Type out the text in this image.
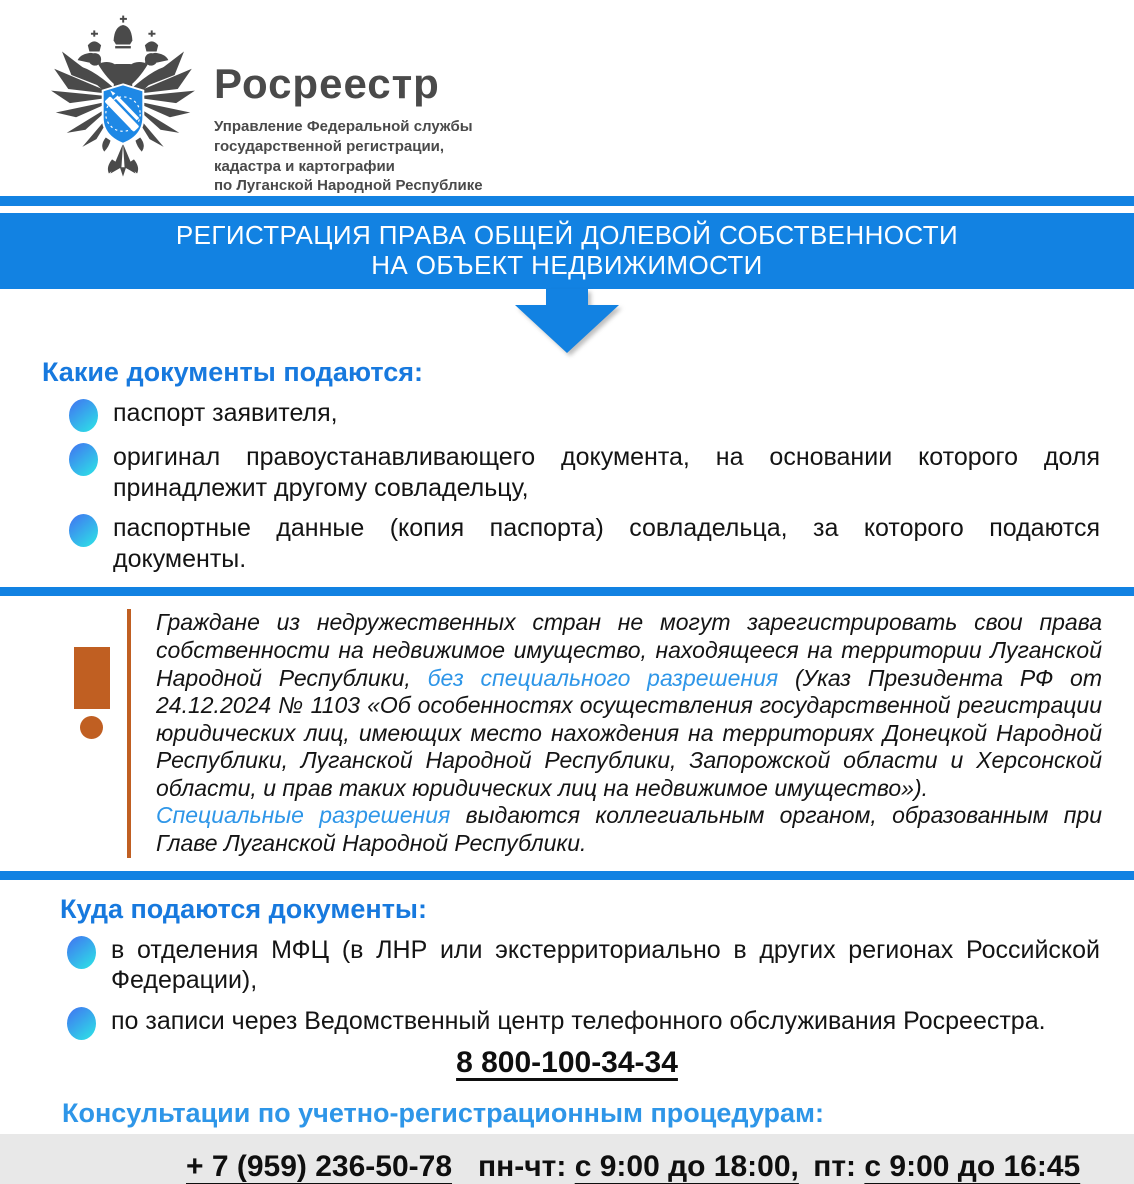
Росреестр
Управление Федеральной службы
государственной регистрации,
кадастра и картографии
по Луганской Народной Республике
РЕГИСТРАЦИЯ ПРАВА ОБЩЕЙ ДОЛЕВОЙ СОБСТВЕННОСТИ
НА ОБЪЕКТ НЕДВИЖИМОСТИ
Какие документы подаются:
паспорт заявителя,
оригинал правоустанавливающего документа, на основании которого доля принадлежит другому совладельцу,
паспортные данные (копия паспорта) совладельца, за которого подаются документы.

Граждане из недружественных стран не могут зарегистрировать свои права собственности на недвижимое имущество, находящееся на территории Луганской Народной Республики, без специального разрешения (Указ Президента РФ от 24.12.2024 № 1103 «Об особенностях осуществления государственной регистрации юридических лиц, имеющих место нахождения на территориях Донецкой Народной Республики, Луганской Народной Республики, Запорожской области и Херсонской области, и прав таких юридических лиц на недвижимое имущество»).

Специальные разрешения выдаются коллегиальным органом, образованным при Главе Луганской Народной Республики.

Куда подаются документы:
в отделения МФЦ (в ЛНР или экстерриториально в других регионах Российской Федерации),
по записи через Ведомственный центр телефонного обслуживания Росреестра.
8 800-100-34-34
Консультации по учетно-регистрационным процедурам:
+ 7 (959) 236-50-78 пн-чт: с 9:00 до 18:00, пт: с 9:00 до 16:45
